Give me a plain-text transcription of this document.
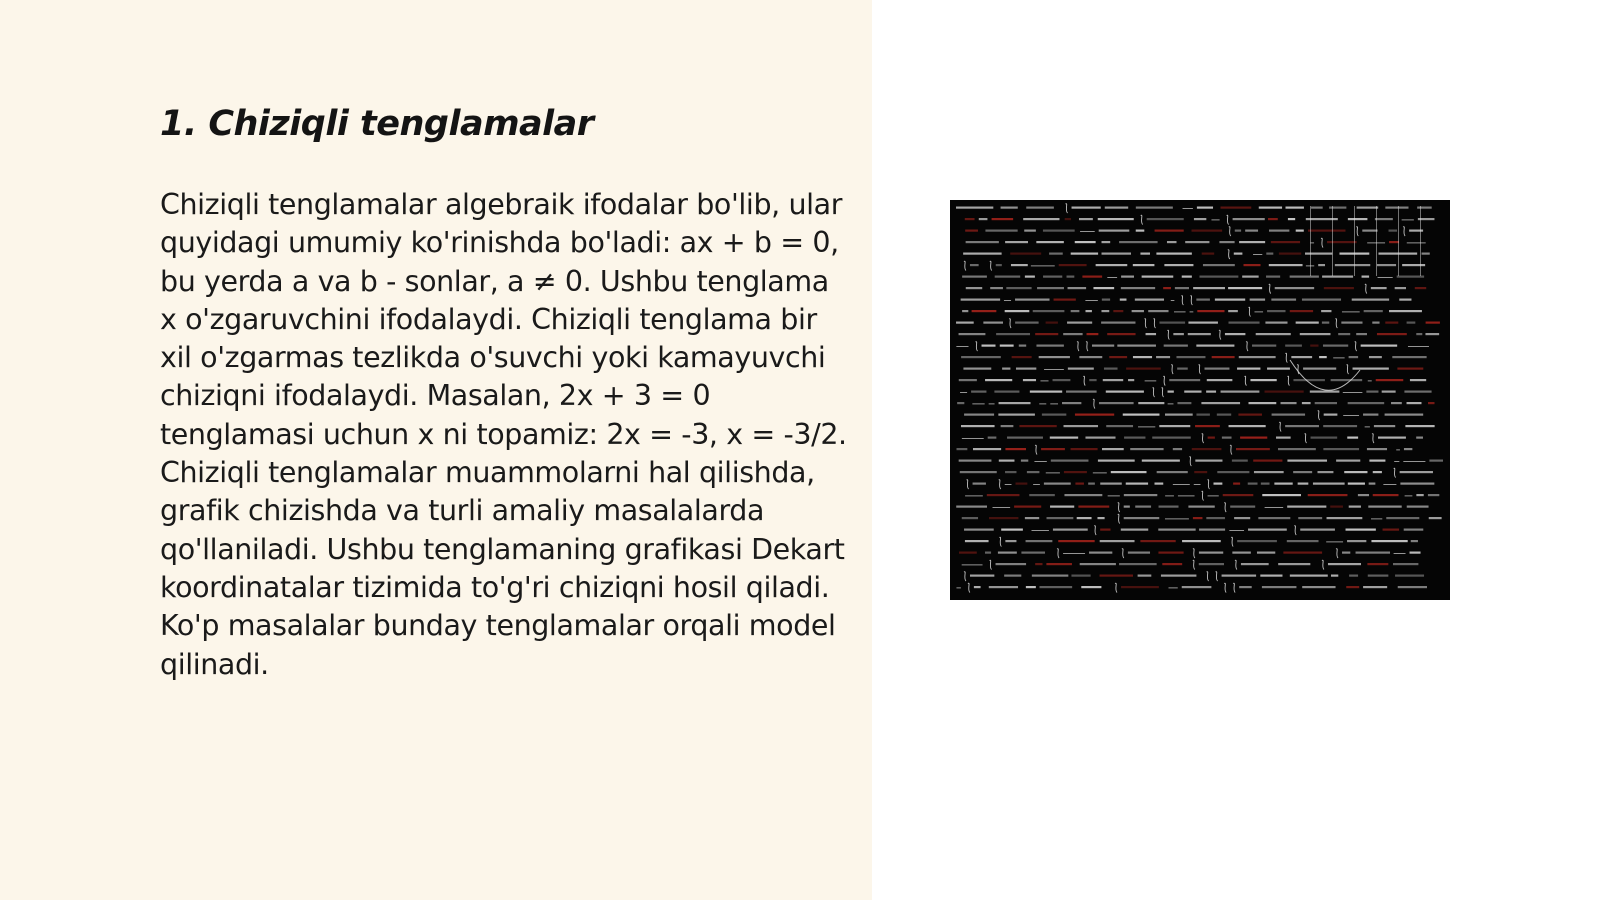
1. Chiziqli tenglamalar

Chiziqli tenglamalar algebraik ifodalar bo'lib, ular quyidagi umumiy ko'rinishda bo'ladi: ax + b = 0, bu yerda a va b - sonlar, a ≠ 0. Ushbu tenglama x o'zgaruvchini ifodalaydi. Chiziqli tenglama bir xil o'zgarmas tezlikda o'suvchi yoki kamayuvchi chiziqni ifodalaydi. Masalan, 2x + 3 = 0 tenglamasi uchun x ni topamiz: 2x = -3, x = -3/2. Chiziqli tenglamalar muammolarni hal qilishda, grafik chizishda va turli amaliy masalalarda qo'llaniladi. Ushbu tenglamaning grafikasi Dekart koordinatalar tizimida to'g'ri chiziqni hosil qiladi. Ko'p masalalar bunday tenglamalar orqali model qilinadi.
